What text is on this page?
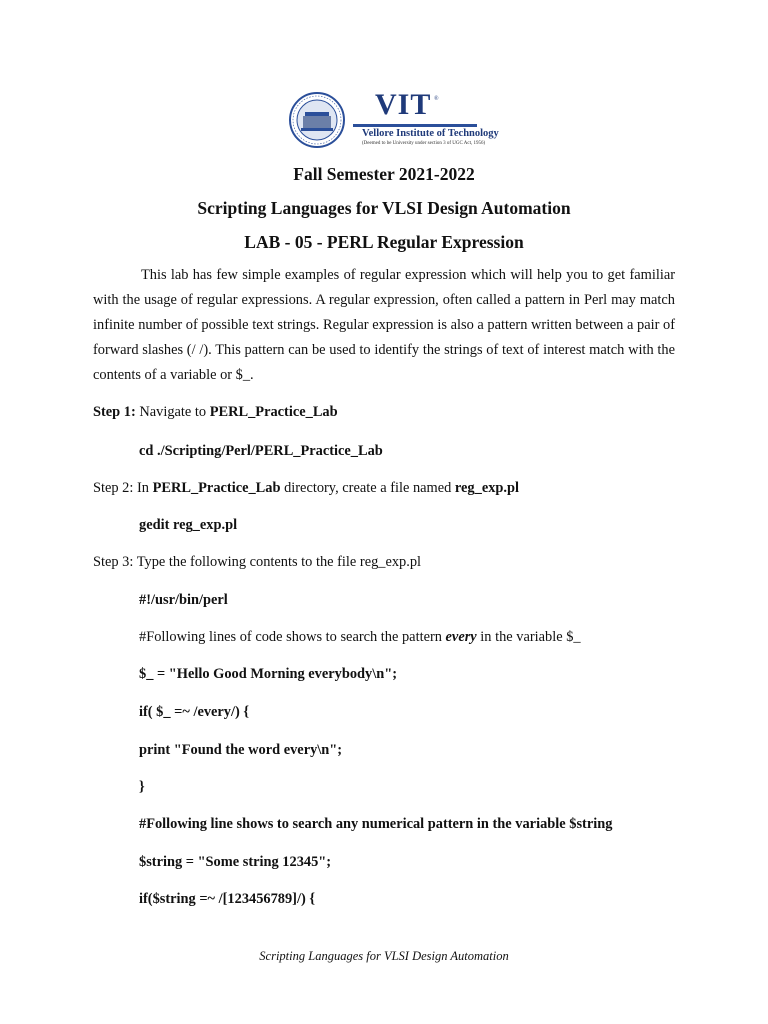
VIT ®
Vellore Institute of Technology
(Deemed to be University under section 3 of UGC Act, 1956)
Fall Semester 2021-2022
Scripting Languages for VLSI Design Automation
LAB - 05 - PERL Regular Expression

This lab has few simple examples of regular expression which will help you to get familiar with the usage of regular expressions. A regular expression, often called a pattern in Perl may match infinite number of possible text strings. Regular expression is also a pattern written between a pair of forward slashes (/ /). This pattern can be used to identify the strings of text of interest match with the contents of a variable or $_.

Step 1: Navigate to PERL_Practice_Lab
cd ./Scripting/Perl/PERL_Practice_Lab
Step 2: In PERL_Practice_Lab directory, create a file named reg_exp.pl
gedit reg_exp.pl
Step 3: Type the following contents to the file reg_exp.pl
#!/usr/bin/perl
#Following lines of code shows to search the pattern every in the variable $_
$_ = "Hello Good Morning everybody\n";
if( $_ =~ /every/) {
print "Found the word every\n";
}
#Following line shows to search any numerical pattern in the variable $string
$string = "Some string 12345";
if($string =~ /[123456789]/) {
Scripting Languages for VLSI Design Automation
